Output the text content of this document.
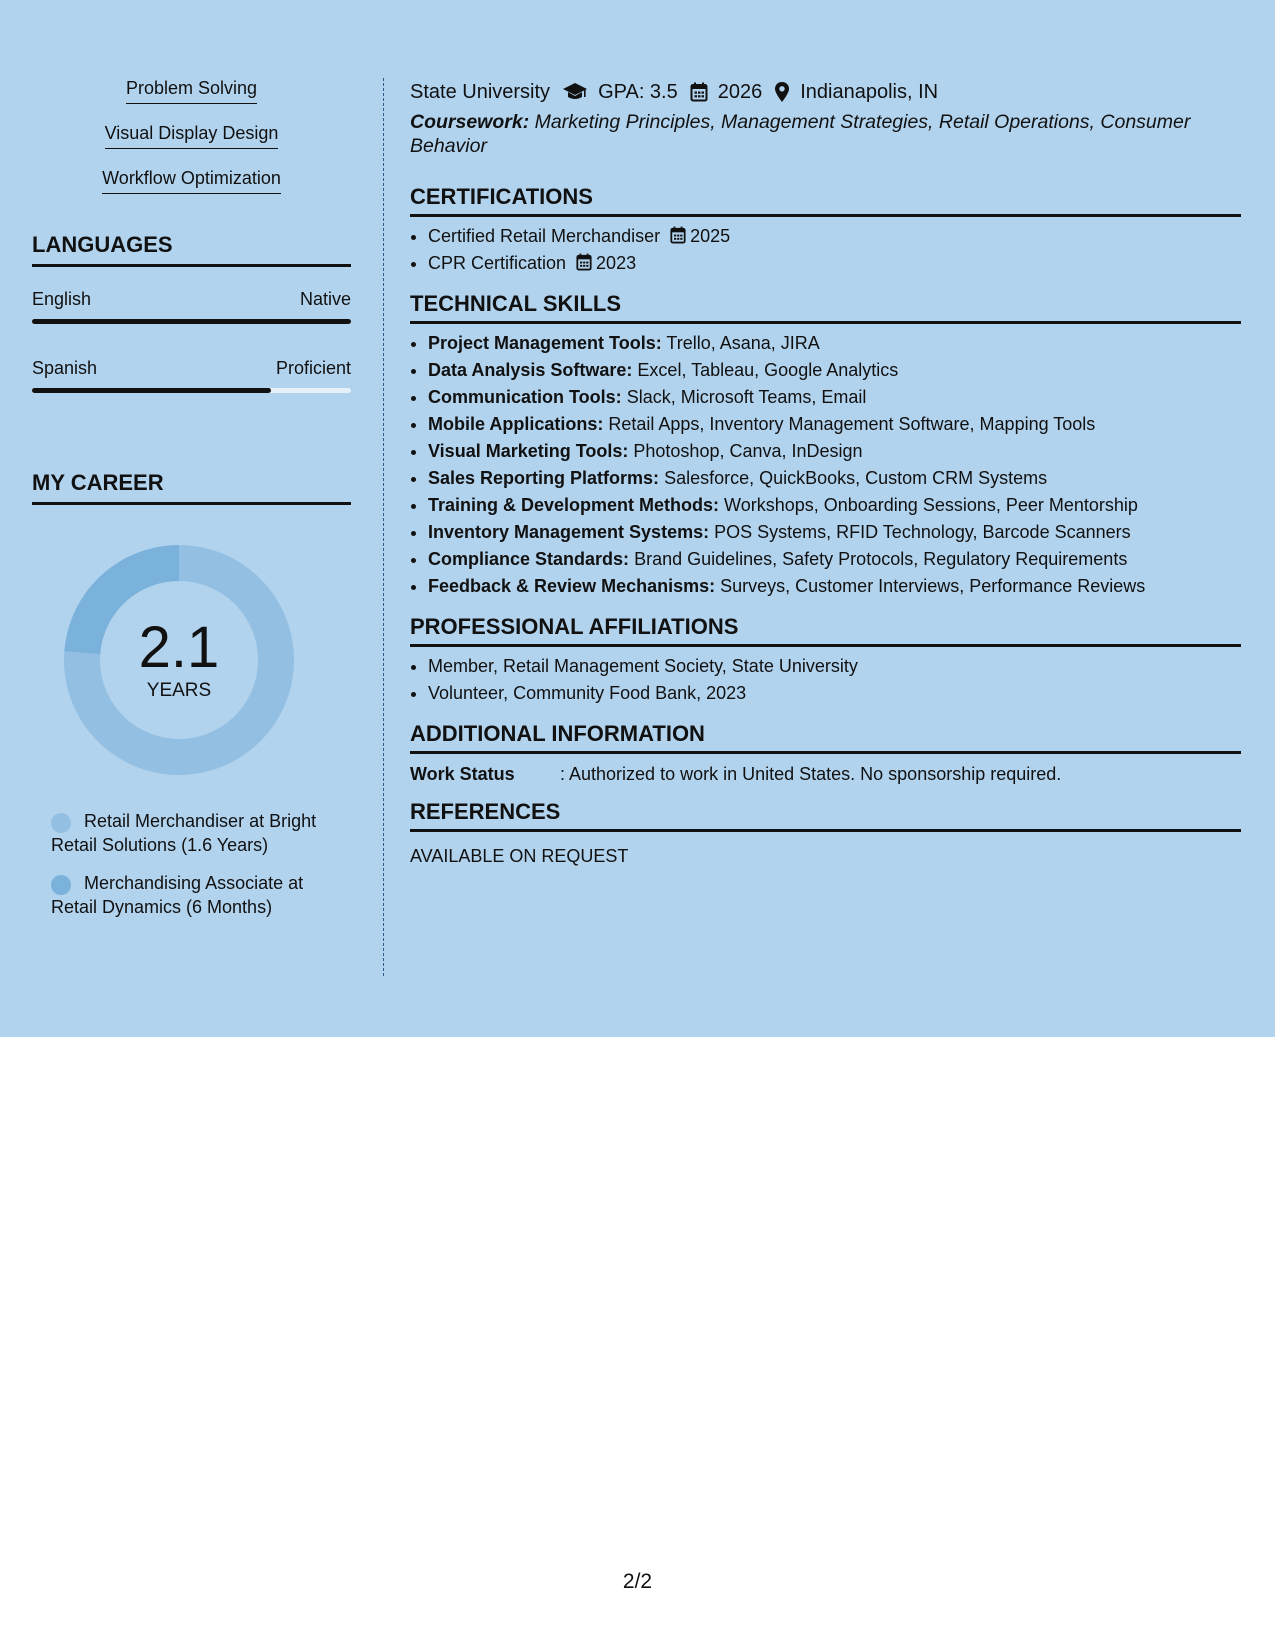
Problem Solving
Visual Display Design
Workflow Optimization
LANGUAGES
English	Native
Spanish	Proficient
MY CAREER
2.1
YEARS
Retail Merchandiser at Bright Retail Solutions (1.6 Years)
Merchandising Associate at Retail Dynamics (6 Months)
State University GPA: 3.5 2026 Indianapolis, IN
Coursework: Marketing Principles, Management Strategies, Retail Operations, Consumer Behavior
CERTIFICATIONS
• Certified Retail Merchandiser 2025
• CPR Certification 2023
TECHNICAL SKILLS
• Project Management Tools: Trello, Asana, JIRA
• Data Analysis Software: Excel, Tableau, Google Analytics
• Communication Tools: Slack, Microsoft Teams, Email
• Mobile Applications: Retail Apps, Inventory Management Software, Mapping Tools
• Visual Marketing Tools: Photoshop, Canva, InDesign
• Sales Reporting Platforms: Salesforce, QuickBooks, Custom CRM Systems
• Training & Development Methods: Workshops, Onboarding Sessions, Peer Mentorship
• Inventory Management Systems: POS Systems, RFID Technology, Barcode Scanners
• Compliance Standards: Brand Guidelines, Safety Protocols, Regulatory Requirements
• Feedback & Review Mechanisms: Surveys, Customer Interviews, Performance Reviews
PROFESSIONAL AFFILIATIONS
• Member, Retail Management Society, State University
• Volunteer, Community Food Bank, 2023
ADDITIONAL INFORMATION
Work Status	: Authorized to work in United States. No sponsorship required.
REFERENCES
AVAILABLE ON REQUEST
2/2
